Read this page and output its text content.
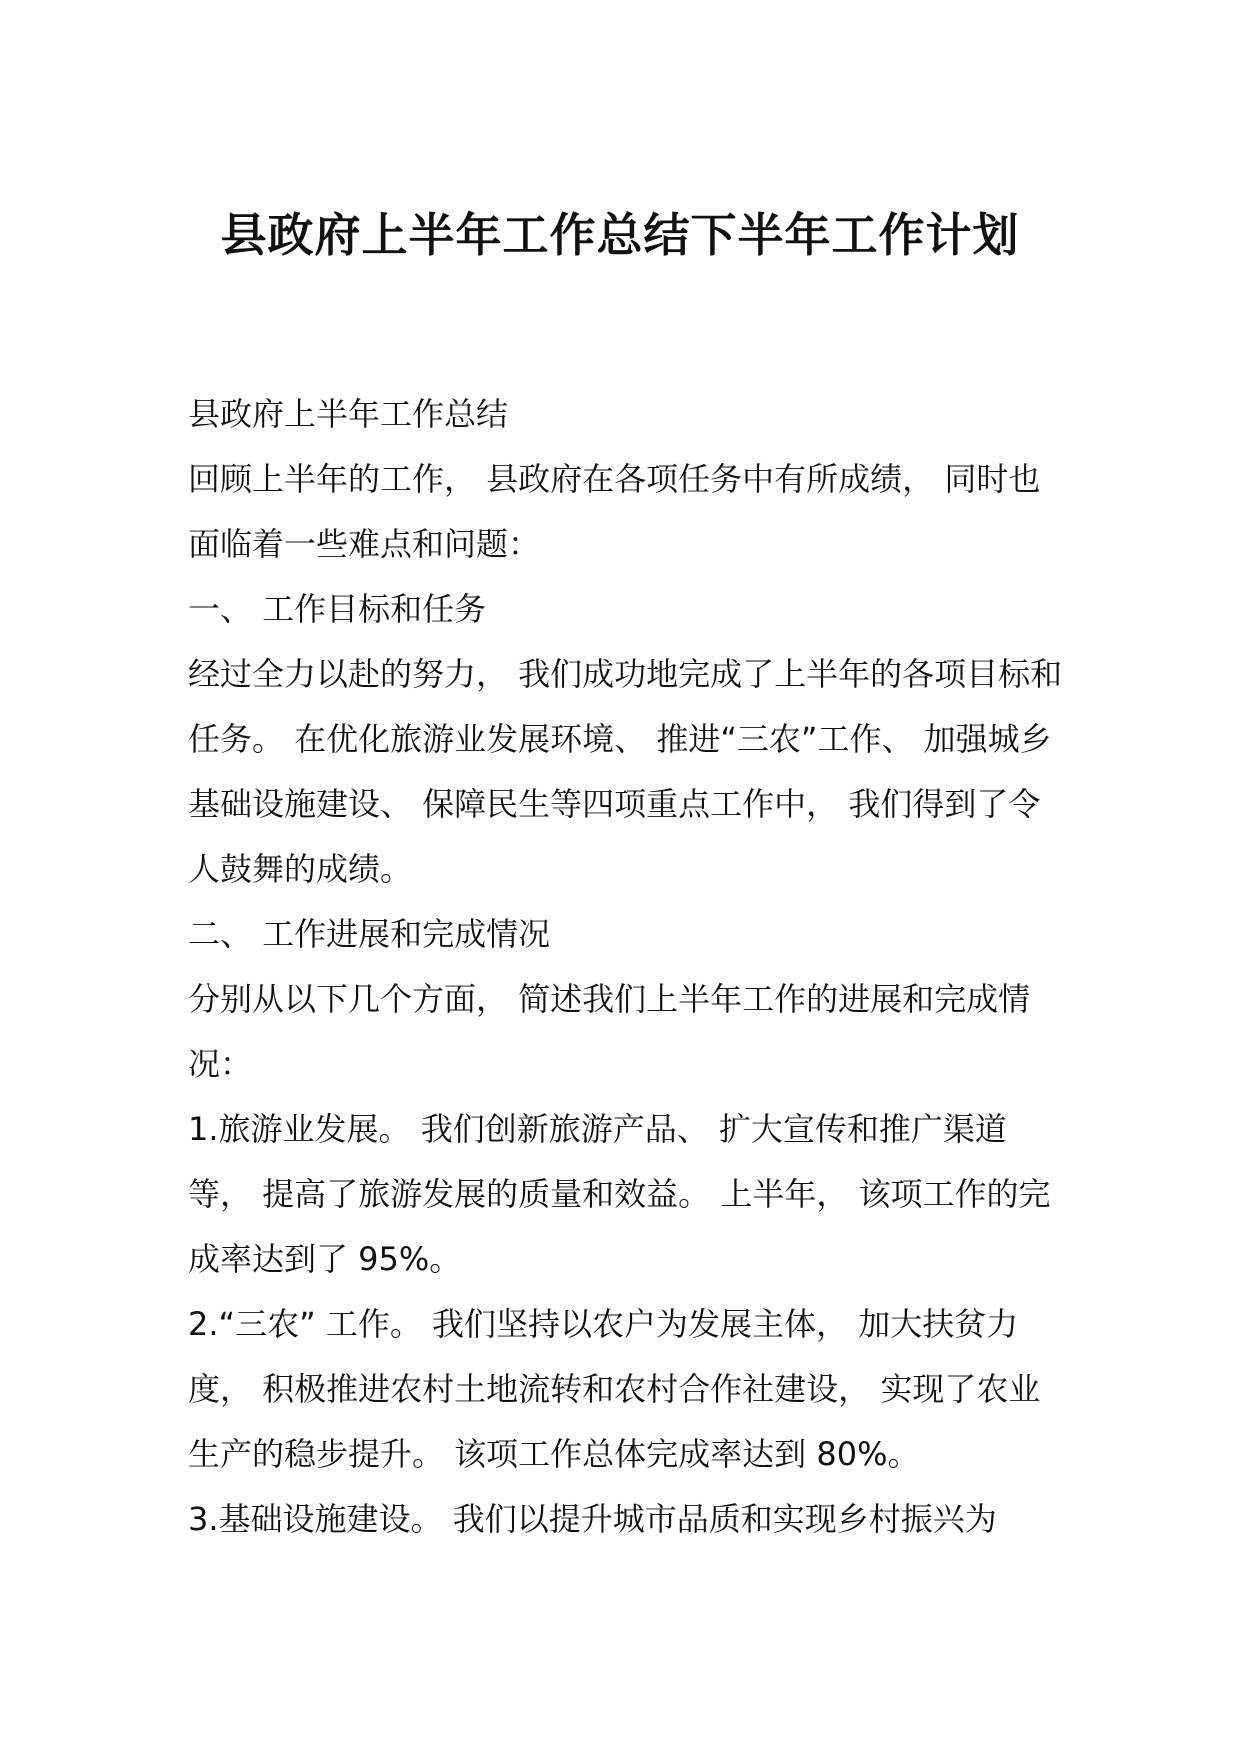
县政府上半年工作总结下半年工作计划

县政府上半年工作总结

回顾上半年的工作， 县政府在各项任务中有所成绩， 同时也面临着一些难点和问题：

一、 工作目标和任务

经过全力以赴的努力， 我们成功地完成了上半年的各项目标和任务。 在优化旅游业发展环境、 推进“三农”工作、 加强城乡基础设施建设、 保障民生等四项重点工作中， 我们得到了令人鼓舞的成绩。

二、 工作进展和完成情况

分别从以下几个方面， 简述我们上半年工作的进展和完成情况：

1.旅游业发展。 我们创新旅游产品、 扩大宣传和推广渠道等， 提高了旅游发展的质量和效益。 上半年， 该项工作的完成率达到了 95%。

2.“三农” 工作。 我们坚持以农户为发展主体， 加大扶贫力度， 积极推进农村土地流转和农村合作社建设， 实现了农业生产的稳步提升。 该项工作总体完成率达到 80%。

3.基础设施建设。 我们以提升城市品质和实现乡村振兴为
